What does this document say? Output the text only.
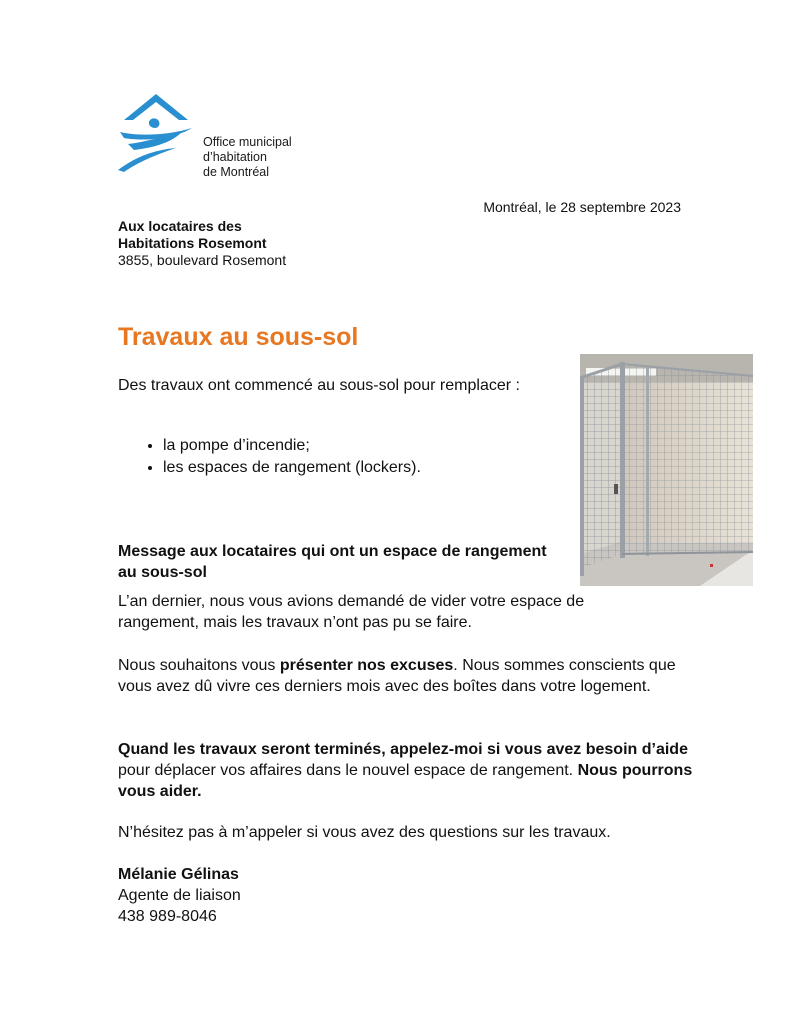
Office municipal
d’habitation
de Montréal
Montréal, le 28 septembre 2023
Aux locataires des
Habitations Rosemont
3855, boulevard Rosemont
Travaux au sous-sol
Des travaux ont commencé au sous-sol pour remplacer :
• la pompe d’incendie;
• les espaces de rangement (lockers).
Message aux locataires qui ont un espace de rangement au sous-sol
L’an dernier, nous vous avions demandé de vider votre espace de rangement, mais les travaux n’ont pas pu se faire.
Nous souhaitons vous présenter nos excuses. Nous sommes conscients que vous avez dû vivre ces derniers mois avec des boîtes dans votre logement.
Quand les travaux seront terminés, appelez-moi si vous avez besoin d’aide pour déplacer vos affaires dans le nouvel espace de rangement. Nous pourrons vous aider.
N’hésitez pas à m’appeler si vous avez des questions sur les travaux.
Mélanie Gélinas
Agente de liaison
438 989-8046
